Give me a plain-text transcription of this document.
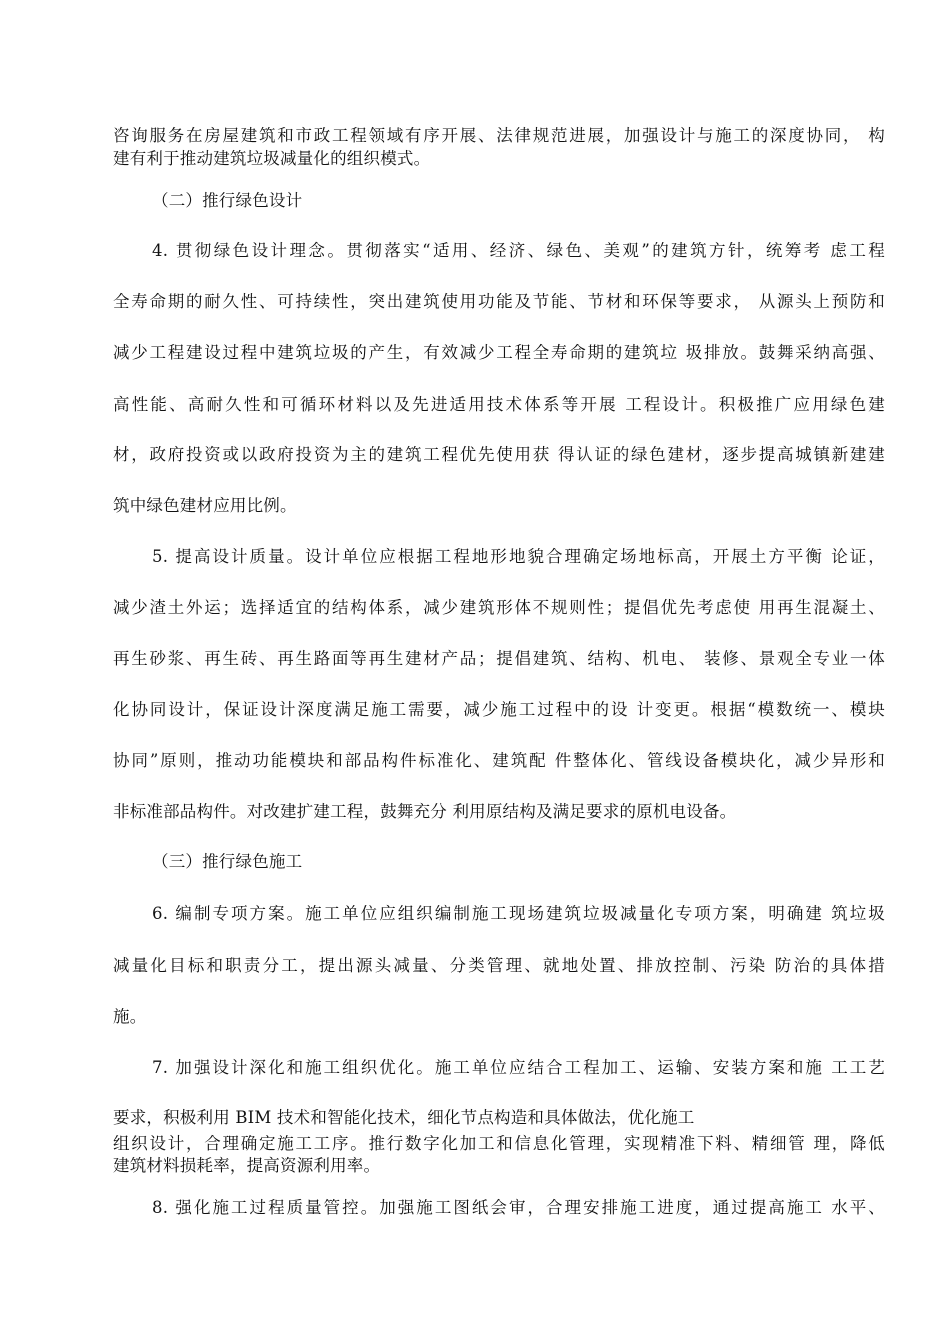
咨询服务在房屋建筑和市政工程领域有序开展、法律规范进展，加强设计与施工的深度协同， 构
建有利于推动建筑垃圾减量化的组织模式。
（二）推行绿色设计
4. 贯彻绿色设计理念。贯彻落实“适用、经济、绿色、美观”的建筑方针，统筹考 虑工程
全寿命期的耐久性、可持续性，突出建筑使用功能及节能、节材和环保等要求， 从源头上预防和
减少工程建设过程中建筑垃圾的产生，有效减少工程全寿命期的建筑垃 圾排放。鼓舞采纳高强、
高性能、高耐久性和可循环材料以及先进适用技术体系等开展 工程设计。积极推广应用绿色建
材，政府投资或以政府投资为主的建筑工程优先使用获 得认证的绿色建材，逐步提高城镇新建建
筑中绿色建材应用比例。
5. 提高设计质量。设计单位应根据工程地形地貌合理确定场地标高，开展土方平衡 论证，
减少渣土外运；选择适宜的结构体系，减少建筑形体不规则性；提倡优先考虑使 用再生混凝土、
再生砂浆、再生砖、再生路面等再生建材产品；提倡建筑、结构、机电、 装修、景观全专业一体
化协同设计，保证设计深度满足施工需要，减少施工过程中的设 计变更。根据“模数统一、模块
协同”原则，推动功能模块和部品构件标准化、建筑配 件整体化、管线设备模块化，减少异形和
非标准部品构件。对改建扩建工程，鼓舞充分 利用原结构及满足要求的原机电设备。
（三）推行绿色施工
6. 编制专项方案。施工单位应组织编制施工现场建筑垃圾减量化专项方案，明确建 筑垃圾
减量化目标和职责分工，提出源头减量、分类管理、就地处置、排放控制、污染 防治的具体措
施。
7. 加强设计深化和施工组织优化。施工单位应结合工程加工、运输、安装方案和施 工工艺
要求，积极利用 BIM 技术和智能化技术，细化节点构造和具体做法，优化施工
组织设计，合理确定施工工序。推行数字化加工和信息化管理，实现精准下料、精细管 理，降低
建筑材料损耗率，提高资源利用率。
8. 强化施工过程质量管控。加强施工图纸会审，合理安排施工进度，通过提高施工 水平、
